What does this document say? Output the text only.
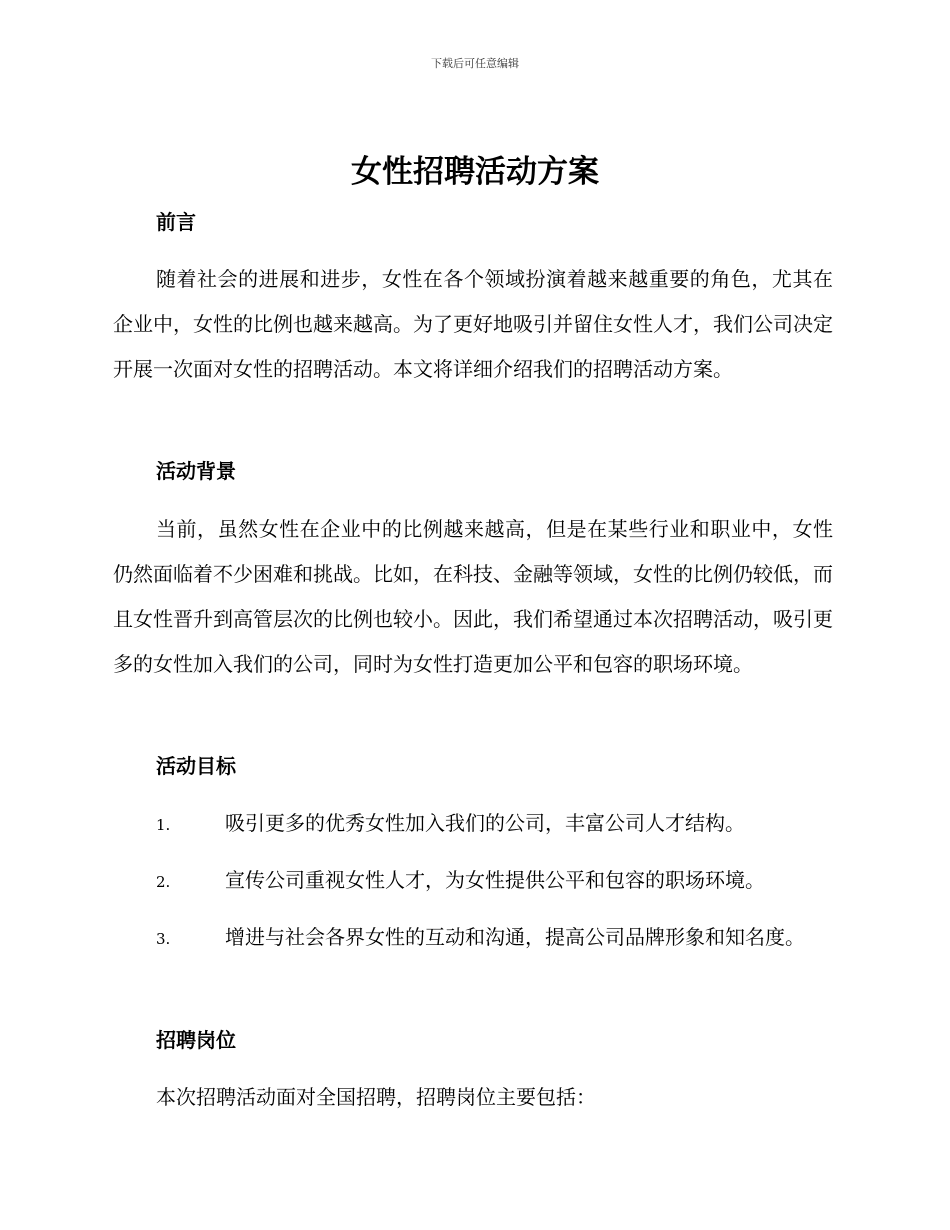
下载后可任意编辑
女性招聘活动方案
前言

随着社会的进展和进步，女性在各个领域扮演着越来越重要的角色，尤其在企业中，女性的比例也越来越高。为了更好地吸引并留住女性人才，我们公司决定开展一次面对女性的招聘活动。本文将详细介绍我们的招聘活动方案。

活动背景

当前，虽然女性在企业中的比例越来越高，但是在某些行业和职业中，女性仍然面临着不少困难和挑战。比如，在科技、金融等领域，女性的比例仍较低，而且女性晋升到高管层次的比例也较小。因此，我们希望通过本次招聘活动，吸引更多的女性加入我们的公司，同时为女性打造更加公平和包容的职场环境。

活动目标

1.	吸引更多的优秀女性加入我们的公司，丰富公司人才结构。

2.	宣传公司重视女性人才，为女性提供公平和包容的职场环境。

3.	增进与社会各界女性的互动和沟通，提高公司品牌形象和知名度。

招聘岗位

本次招聘活动面对全国招聘，招聘岗位主要包括：
